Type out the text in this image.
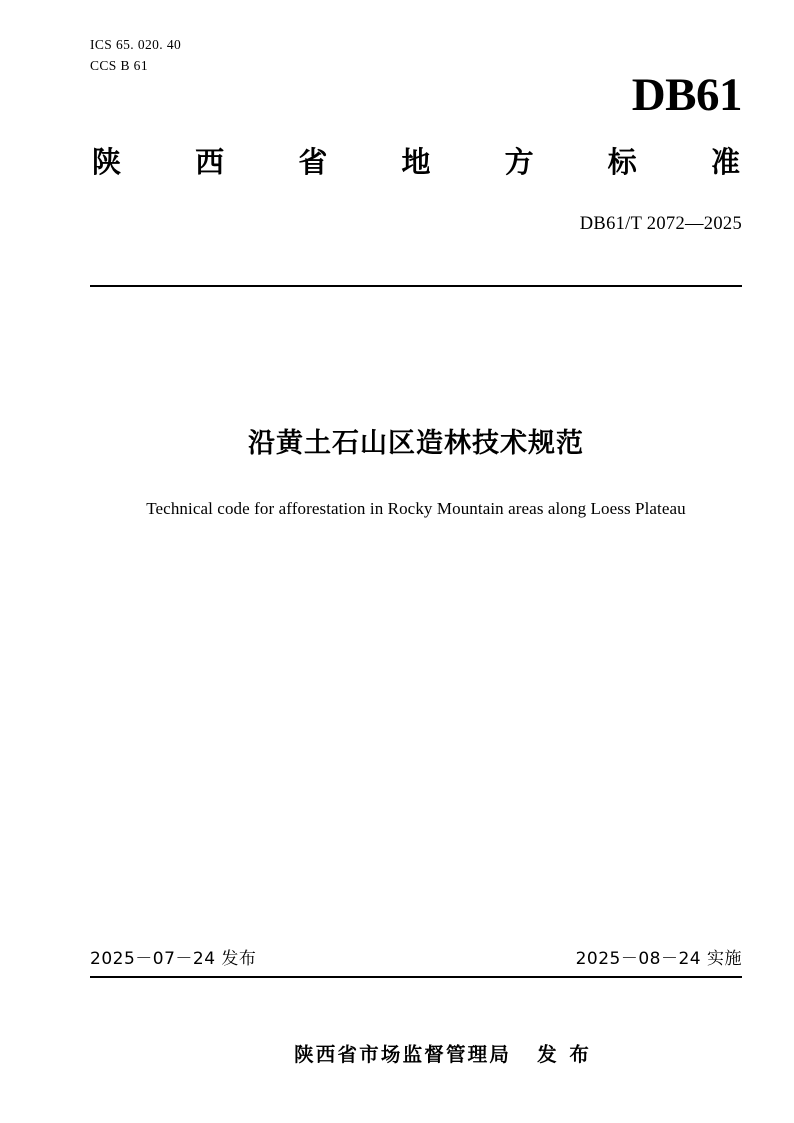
ICS 65. 020. 40
CCS B 61
DB61
陕	西	省	地	方	标	准
DB61/T 2072—2025
沿黄土石山区造林技术规范
Technical code for afforestation in Rocky Mountain areas along Loess Plateau
2025－07－24 发布	2025－08－24 实施

陕西省市场监督管理局 发 布
